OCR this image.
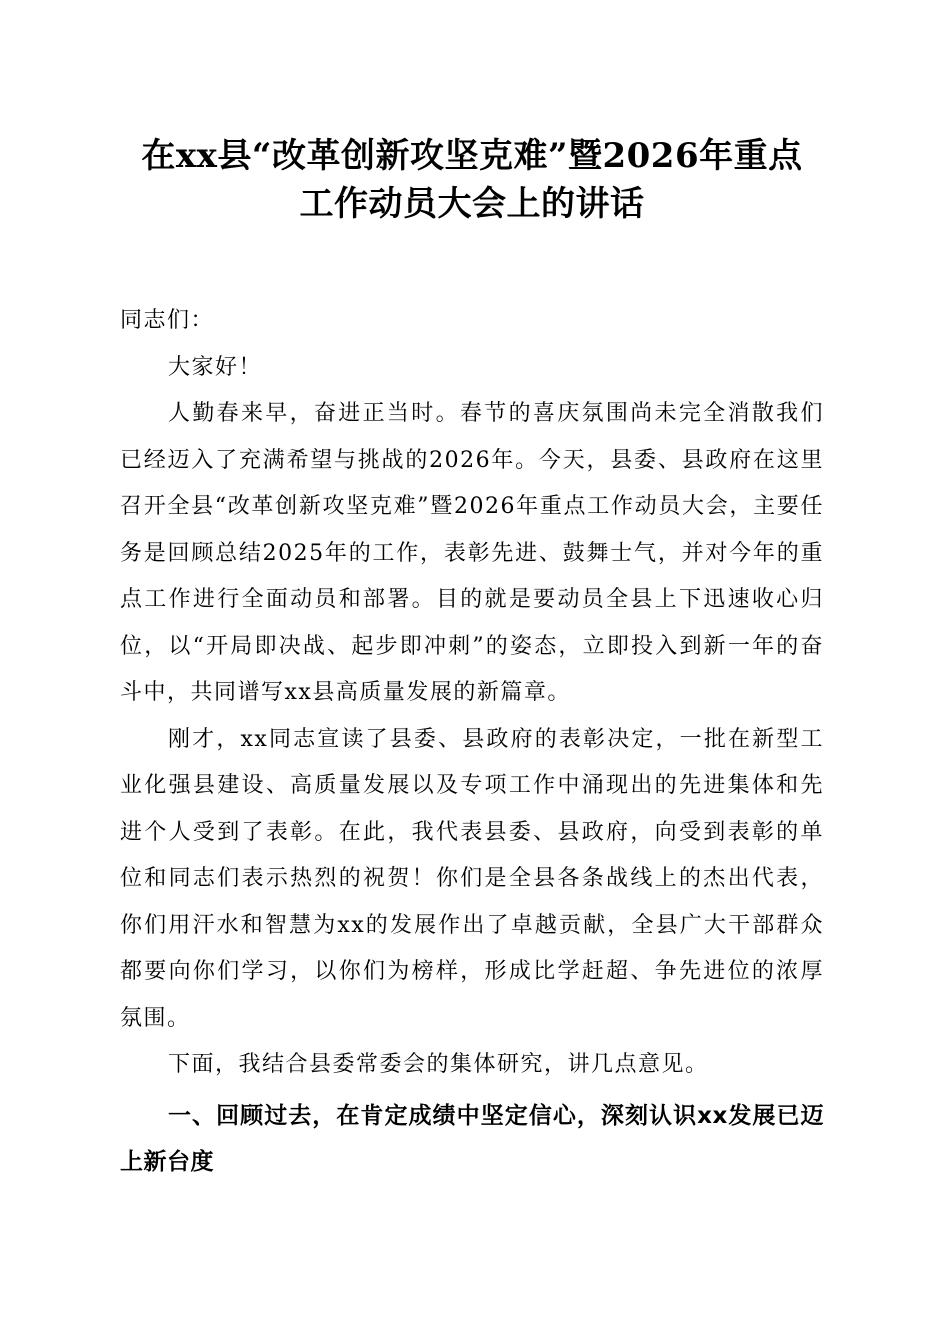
在xx县“改革创新攻坚克难”暨2026年重点
工作动员大会上的讲话

同志们：

大家好！

人勤春来早，奋进正当时。春节的喜庆氛围尚未完全消散我们已经迈入了充满希望与挑战的2026年。今天，县委、县政府在这里召开全县“改革创新攻坚克难”暨2026年重点工作动员大会，主要任务是回顾总结2025年的工作，表彰先进、鼓舞士气，并对今年的重点工作进行全面动员和部署。目的就是要动员全县上下迅速收心归位，以“开局即决战、起步即冲刺”的姿态，立即投入到新一年的奋斗中，共同谱写xx县高质量发展的新篇章。

刚才，xx同志宣读了县委、县政府的表彰决定，一批在新型工业化强县建设、高质量发展以及专项工作中涌现出的先进集体和先进个人受到了表彰。在此，我代表县委、县政府，向受到表彰的单位和同志们表示热烈的祝贺！你们是全县各条战线上的杰出代表，你们用汗水和智慧为xx的发展作出了卓越贡献，全县广大干部群众都要向你们学习，以你们为榜样，形成比学赶超、争先进位的浓厚氛围。

下面，我结合县委常委会的集体研究，讲几点意见。

一、回顾过去，在肯定成绩中坚定信心，深刻认识xx发展已迈上新台度
